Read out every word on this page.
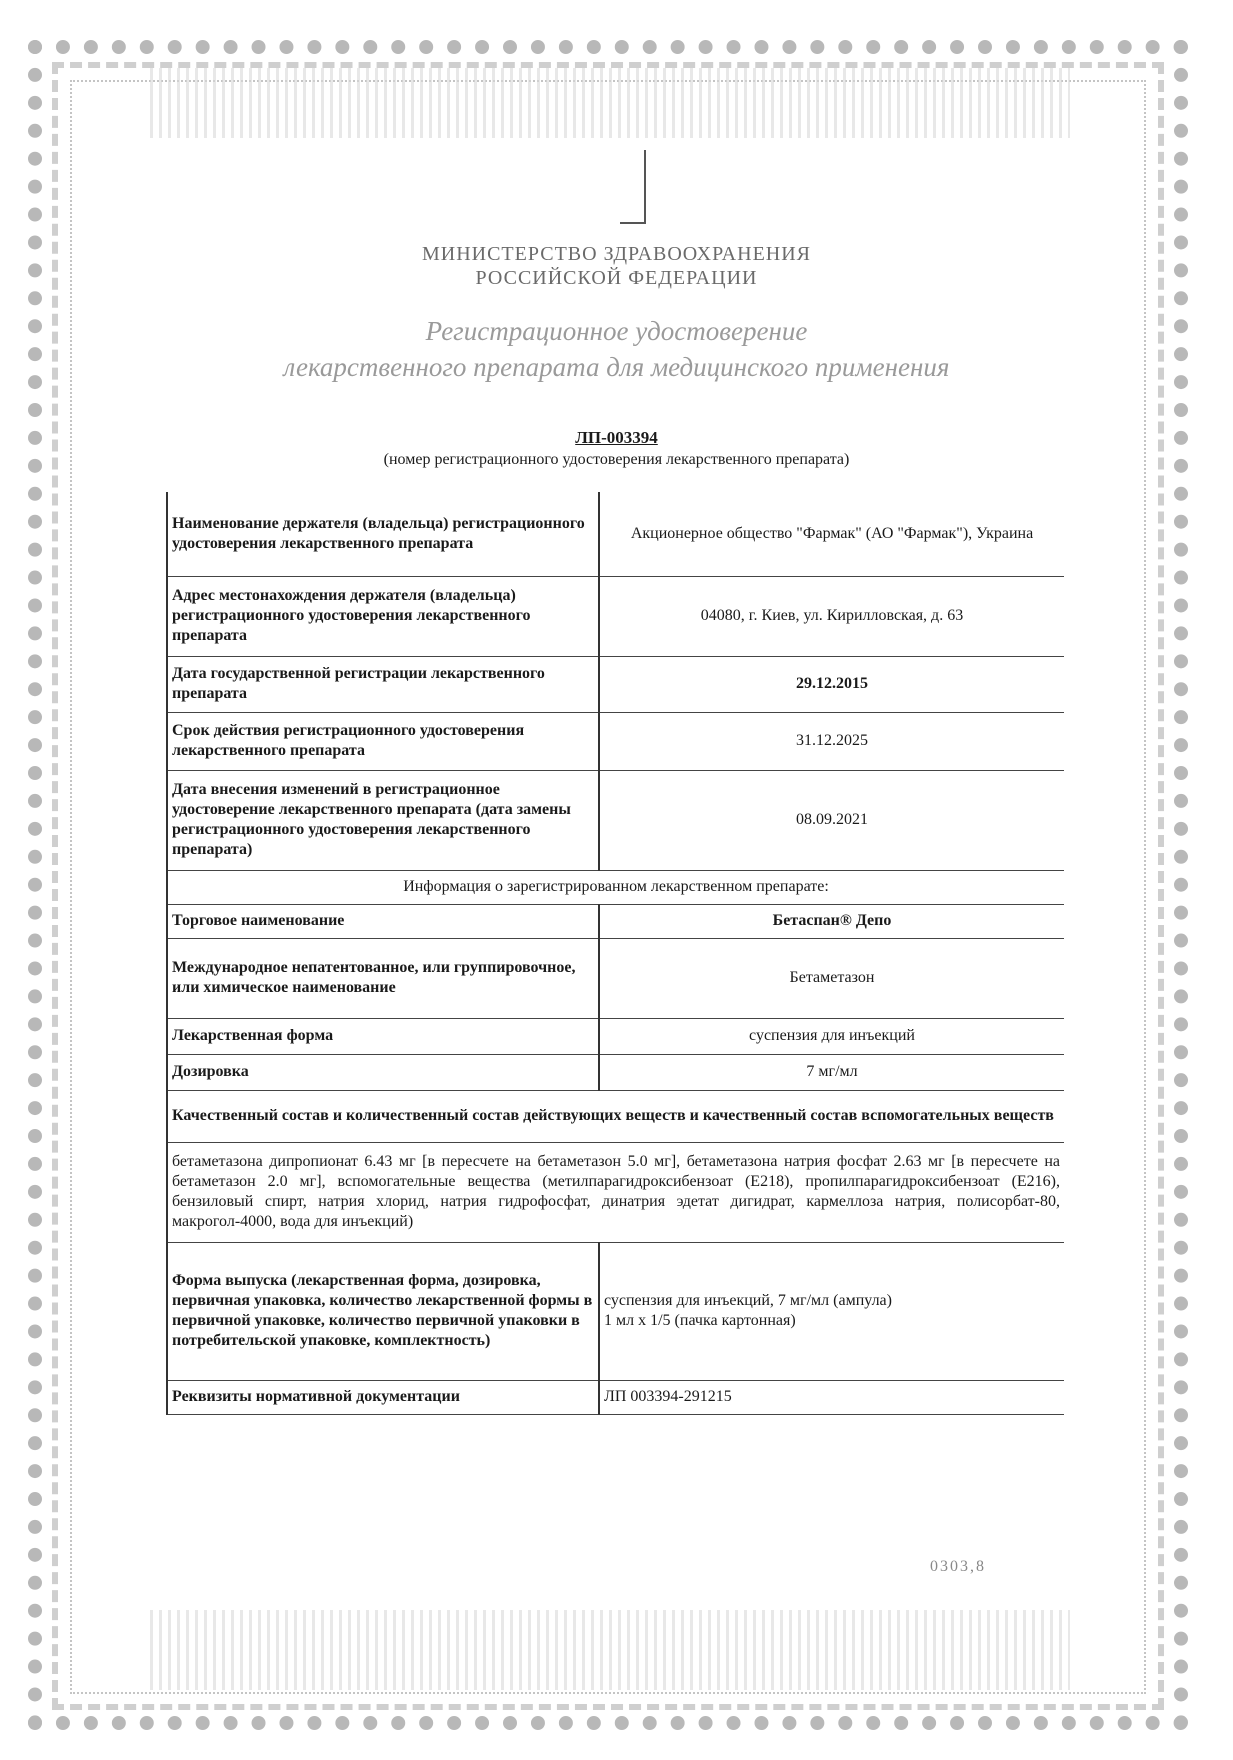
МИНИСТЕРСТВО ЗДРАВООХРАНЕНИЯ
РОССИЙСКОЙ ФЕДЕРАЦИИ
Регистрационное удостоверение
лекарственного препарата для медицинского применения
ЛП-003394
(номер регистрационного удостоверения лекарственного препарата)
Наименование держателя (владельца) регистрационного удостоверения лекарственного препарата	Акционерное общество "Фармак" (АО "Фармак"), Украина
Адрес местонахождения держателя (владельца) регистрационного удостоверения лекарственного препарата	04080, г. Киев, ул. Кирилловская, д. 63
Дата государственной регистрации лекарственного препарата	29.12.2015
Срок действия регистрационного удостоверения лекарственного препарата	31.12.2025
Дата внесения изменений в регистрационное удостоверение лекарственного препарата (дата замены регистрационного удостоверения лекарственного препарата)	08.09.2021
Информация о зарегистрированном лекарственном препарате:	
Торговое наименование	Бетаспан® Депо
Международное непатентованное, или группировочное, или химическое наименование	Бетаметазон
Лекарственная форма	суспензия для инъекций
Дозировка	7 мг/мл
Качественный состав и количественный состав действующих веществ и качественный состав вспомогательных веществ	
бетаметазона дипропионат 6.43 мг [в пересчете на бетаметазон 5.0 мг], бетаметазона натрия фосфат 2.63 мг [в пересчете на бетаметазон 2.0 мг], вспомогательные вещества (метилпарагидроксибензоат (Е218), пропилпарагидроксибензоат (Е216), бензиловый спирт, натрия хлорид, натрия гидрофосфат, динатрия эдетат дигидрат, кармеллоза натрия, полисорбат-80, макрогол-4000, вода для инъекций)	
Форма выпуска (лекарственная форма, дозировка, первичная упаковка, количество лекарственной формы в первичной упаковке, количество первичной упаковки в потребительской упаковке, комплектность)	суспензия для инъекций, 7 мг/мл (ампула)
1 мл x 1/5 (пачка картонная)

Реквизиты нормативной документации	ЛП 003394-291215
0303,8
